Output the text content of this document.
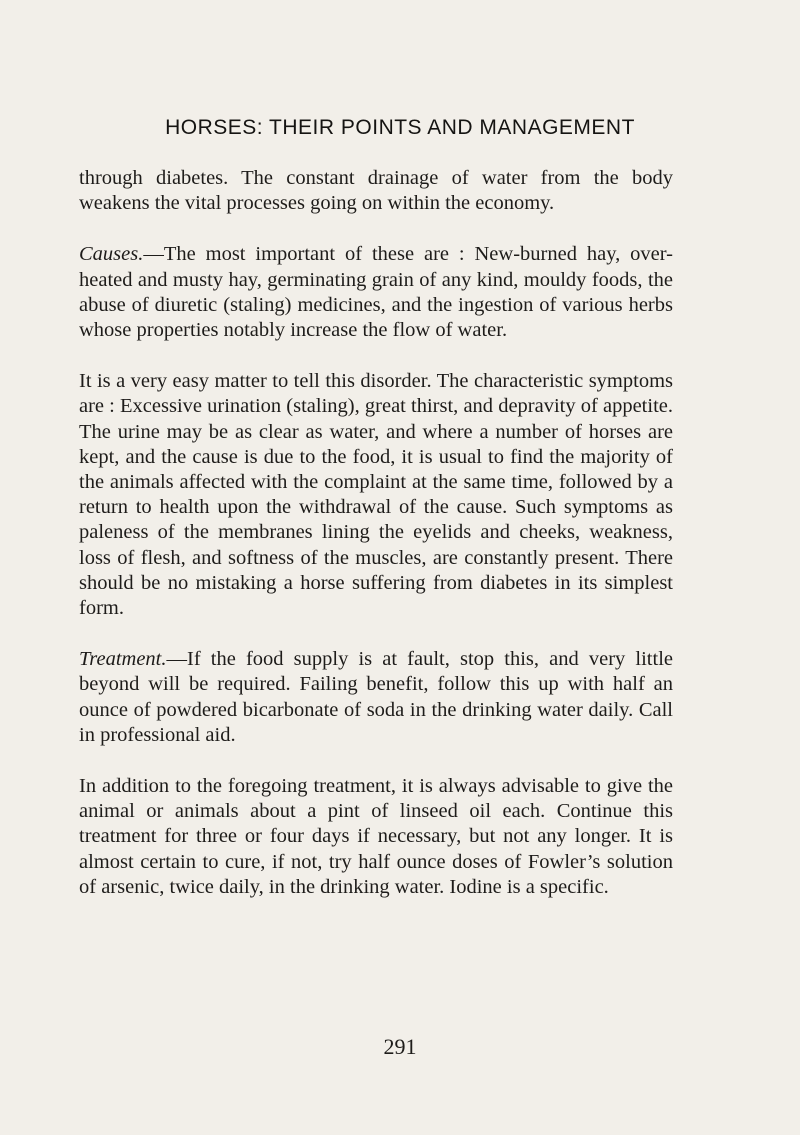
HORSES: THEIR POINTS AND MANAGEMENT

through diabetes. The constant drainage of water from the body weakens the vital processes going on within the economy.

Causes.—The most important of these are : New-burned hay, over-heated and musty hay, germinating grain of any kind, mouldy foods, the abuse of diuretic (staling) medicines, and the ingestion of various herbs whose properties notably increase the flow of water.

It is a very easy matter to tell this disorder. The characteristic symptoms are : Excessive urination (staling), great thirst, and depravity of appetite. The urine may be as clear as water, and where a number of horses are kept, and the cause is due to the food, it is usual to find the majority of the animals affected with the complaint at the same time, followed by a return to health upon the withdrawal of the cause. Such symptoms as paleness of the membranes lining the eyelids and cheeks, weakness, loss of flesh, and softness of the muscles, are constantly present. There should be no mistaking a horse suffering from diabetes in its simplest form.

Treatment.—If the food supply is at fault, stop this, and very little beyond will be required. Failing benefit, follow this up with half an ounce of powdered bicarbonate of soda in the drinking water daily. Call in professional aid.

In addition to the foregoing treatment, it is always advisable to give the animal or animals about a pint of linseed oil each. Continue this treatment for three or four days if necessary, but not any longer. It is almost certain to cure, if not, try half ounce doses of Fowler’s solution of arsenic, twice daily, in the drinking water. Iodine is a specific.

291
